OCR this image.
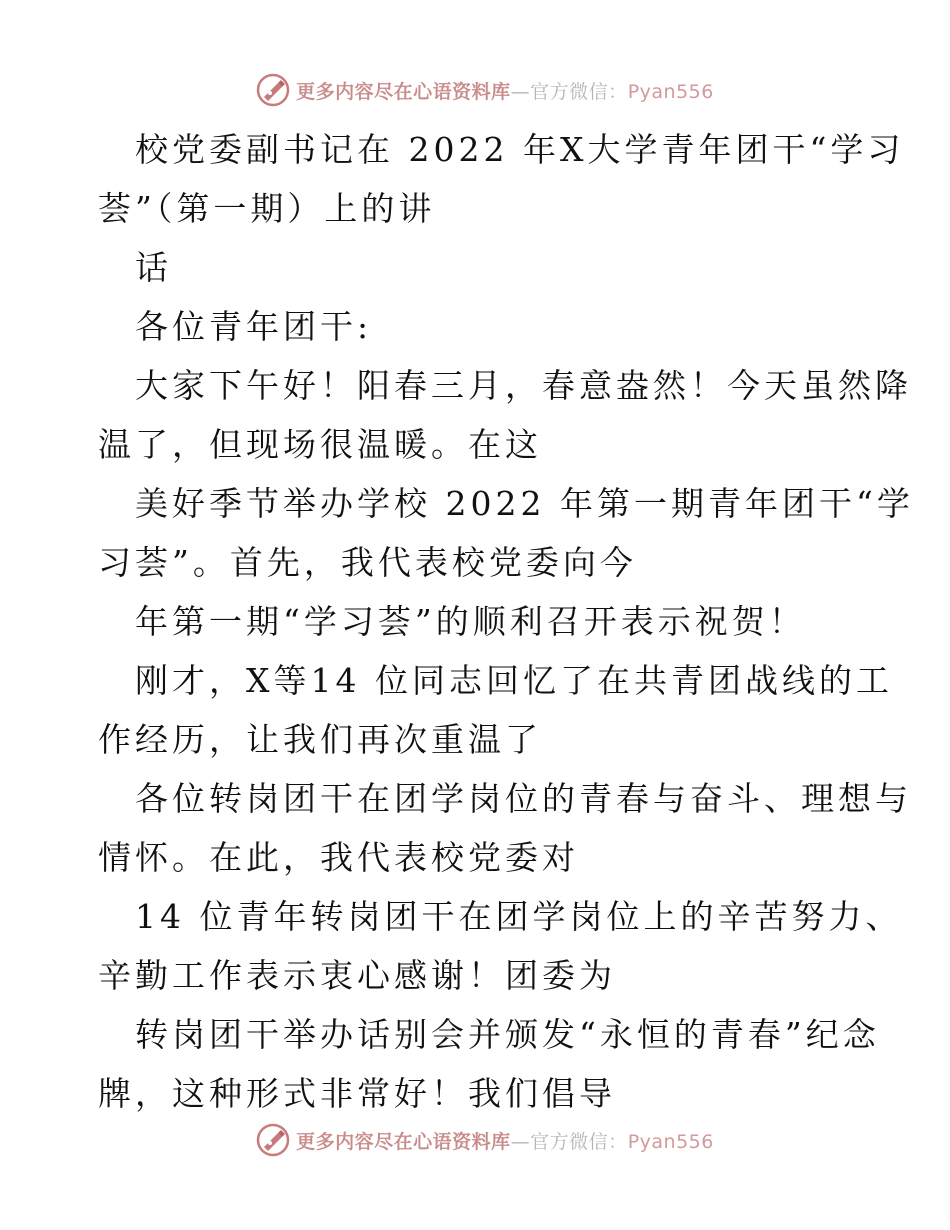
更多内容尽在心语资料库—官方微信：Pyan556
校党委副书记在 2022 年X大学青年团干“学习
荟”（第一期）上的讲
话
各位青年团干:
大家下午好！阳春三月，春意盎然！今天虽然降
温了，但现场很温暖。在这
美好季节举办学校 2022 年第一期青年团干“学
习荟”。首先，我代表校党委向今
年第一期“学习荟”的顺利召开表示祝贺！
刚才，X等14 位同志回忆了在共青团战线的工
作经历，让我们再次重温了
各位转岗团干在团学岗位的青春与奋斗、理想与
情怀。在此，我代表校党委对
14 位青年转岗团干在团学岗位上的辛苦努力、
辛勤工作表示衷心感谢！团委为
转岗团干举办话别会并颁发“永恒的青春”纪念
牌，这种形式非常好！我们倡导
更多内容尽在心语资料库—官方微信：Pyan556
